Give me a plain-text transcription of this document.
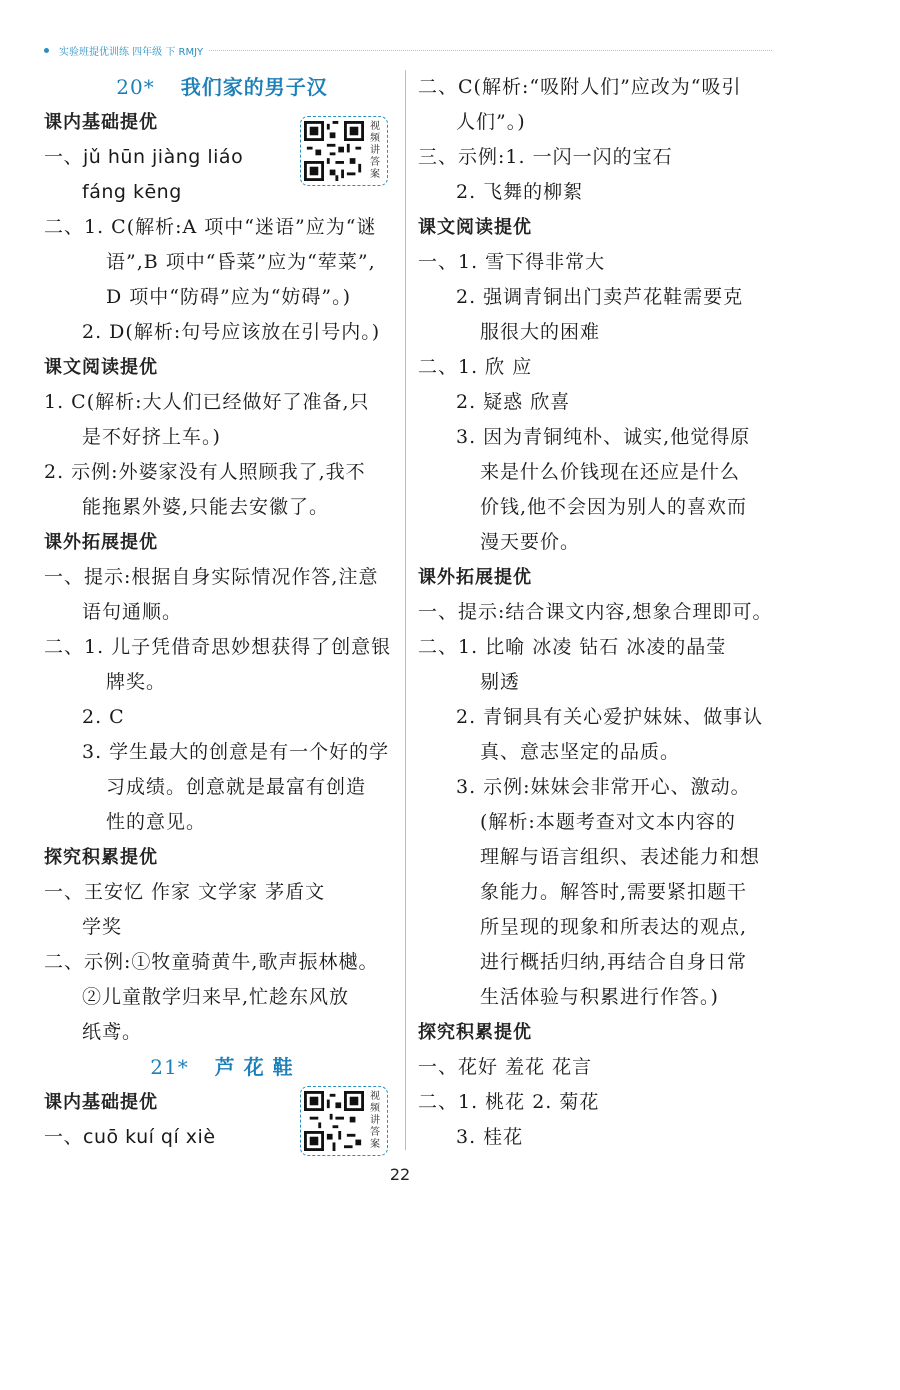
实验班提优训练 四年级 下 RMJY
20* 我们家的男子汉
课内基础提优
一、jǔ hūn jiàng liáo
fáng kēng
二、1. C(解析:A 项中“迷语”应为“谜
语”,B 项中“昏菜”应为“荤菜”,
D 项中“防碍”应为“妨碍”。)
2. D(解析:句号应该放在引号内。)
课文阅读提优
1. C(解析:大人们已经做好了准备,只
是不好挤上车。)
2. 示例:外婆家没有人照顾我了,我不
能拖累外婆,只能去安徽了。
课外拓展提优
一、提示:根据自身实际情况作答,注意
语句通顺。
二、1. 儿子凭借奇思妙想获得了创意银
牌奖。
2. C
3. 学生最大的创意是有一个好的学
习成绩。创意就是最富有创造
性的意见。
探究积累提优
一、王安忆 作家 文学家 茅盾文
学奖
二、示例:①牧童骑黄牛,歌声振林樾。
②儿童散学归来早,忙趁东风放
纸鸢。
21* 芦 花 鞋
课内基础提优
一、cuō kuí qí xiè
二、C(解析:“吸附人们”应改为“吸引
人们”。)
三、示例:1. 一闪一闪的宝石
2. 飞舞的柳絮
课文阅读提优
一、1. 雪下得非常大
2. 强调青铜出门卖芦花鞋需要克
服很大的困难
二、1. 欣 应
2. 疑惑 欣喜
3. 因为青铜纯朴、诚实,他觉得原
来是什么价钱现在还应是什么
价钱,他不会因为别人的喜欢而
漫天要价。
课外拓展提优
一、提示:结合课文内容,想象合理即可。
二、1. 比喻 冰凌 钻石 冰凌的晶莹
剔透
2. 青铜具有关心爱护妹妹、做事认
真、意志坚定的品质。
3. 示例:妹妹会非常开心、激动。
(解析:本题考查对文本内容的
理解与语言组织、表述能力和想
象能力。解答时,需要紧扣题干
所呈现的现象和所表达的观点,
进行概括归纳,再结合自身日常
生活体验与积累进行作答。)
探究积累提优
一、花好 羞花 花言
二、1. 桃花 2. 菊花
3. 桂花
视频讲答案
视频讲答案
22
